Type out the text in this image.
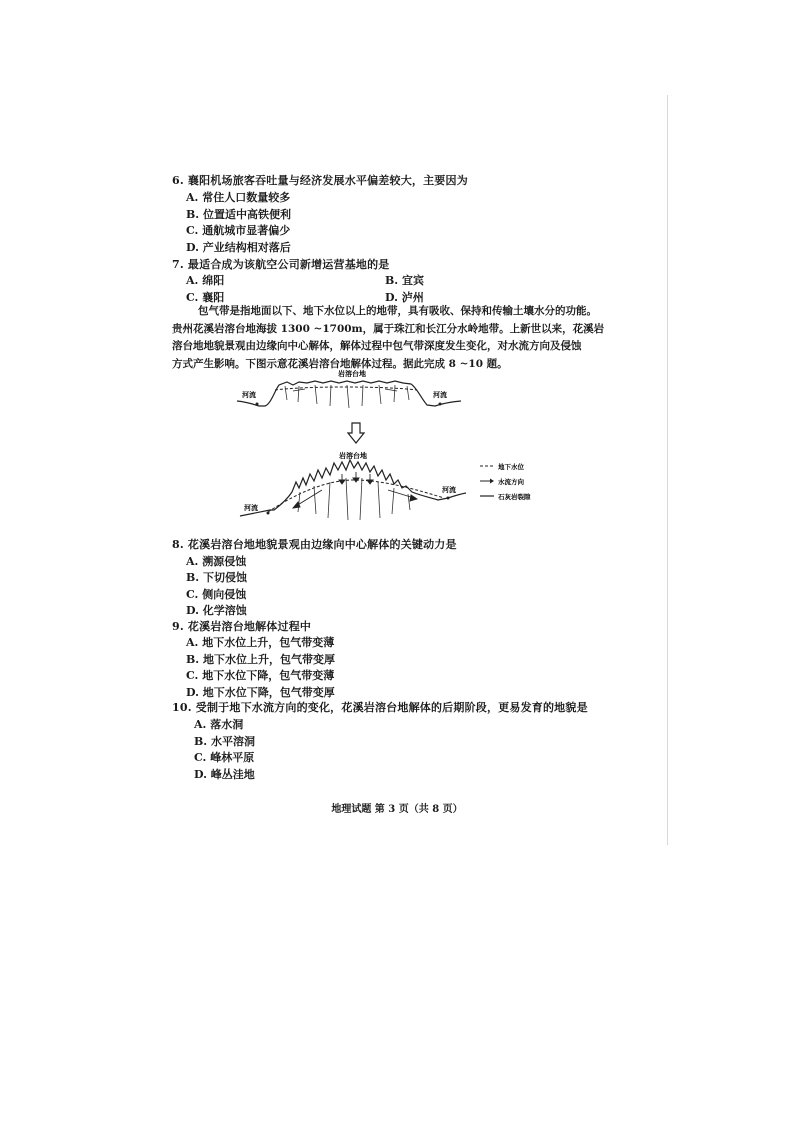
6. 襄阳机场旅客吞吐量与经济发展水平偏差较大，主要因为
A. 常住人口数量较多
B. 位置适中高铁便利
C. 通航城市显著偏少
D. 产业结构相对落后
7. 最适合成为该航空公司新增运营基地的是
A. 绵阳	B. 宜宾
C. 襄阳	D. 泸州
包气带是指地面以下、地下水位以上的地带，具有吸收、保持和传输土壤水分的功能。
贵州花溪岩溶台地海拔 1300 ~1700m，属于珠江和长江分水岭地带。上新世以来，花溪岩
溶台地地貌景观由边缘向中心解体，解体过程中包气带深度发生变化，对水流方向及侵蚀
方式产生影响。下图示意花溪岩溶台地解体过程。据此完成 8 ~10 题。
岩溶台地
河流	河流
岩溶台地
河流
河流
地下水位
水流方向
石灰岩裂隙
8. 花溪岩溶台地地貌景观由边缘向中心解体的关键动力是
A. 溯源侵蚀
B. 下切侵蚀
C. 侧向侵蚀
D. 化学溶蚀
9. 花溪岩溶台地解体过程中
A. 地下水位上升，包气带变薄
B. 地下水位上升，包气带变厚
C. 地下水位下降，包气带变薄
D. 地下水位下降，包气带变厚
10. 受制于地下水流方向的变化，花溪岩溶台地解体的后期阶段，更易发育的地貌是
A. 落水洞
B. 水平溶洞
C. 峰林平原
D. 峰丛洼地
地理试题 第 3 页（共 8 页）
